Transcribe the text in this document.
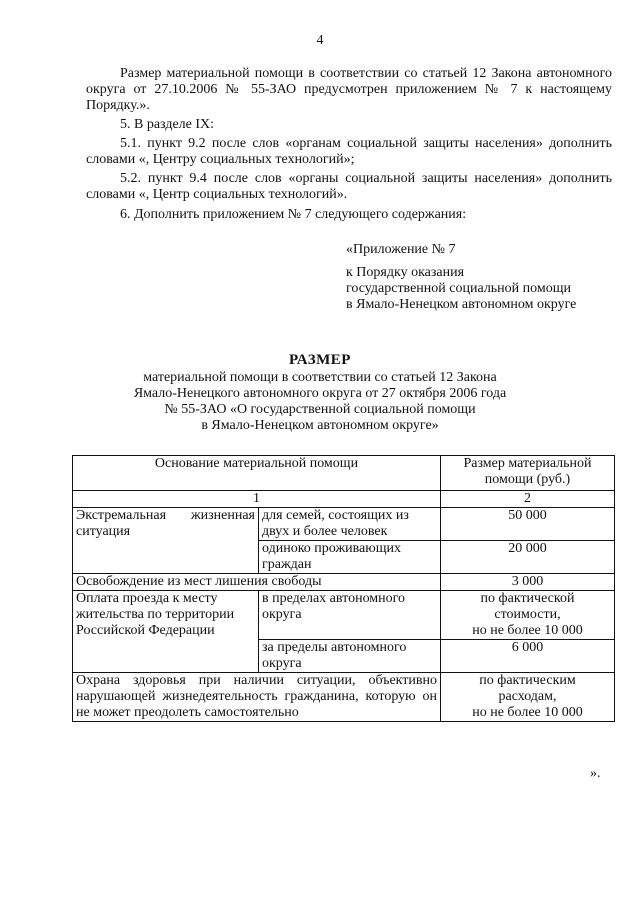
4
Размер материальной помощи в соответствии со статьей 12 Закона автономного округа от 27.10.2006 № 55-ЗАО предусмотрен приложением № 7 к настоящему Порядку.».
5. В разделе IX:
5.1. пункт 9.2 после слов «органам социальной защиты населения» дополнить словами «, Центру социальных технологий»;
5.2. пункт 9.4 после слов «органы социальной защиты населения» дополнить словами «, Центр социальных технологий».
6. Дополнить приложением № 7 следующего содержания:
«Приложение № 7
к Порядку оказания
государственной социальной помощи
в Ямало-Ненецком автономном округе
РАЗМЕР
материальной помощи в соответствии со статьей 12 Закона
Ямало-Ненецкого автономного округа от 27 октября 2006 года
№ 55-ЗАО «О государственной социальной помощи
в Ямало-Ненецком автономном округе»
Основание материальной помощи		Размер материальной помощи (руб.)
1		2
Экстремальная жизненная ситуация	для семей, состоящих из двух и более человек	50 000
	одиноко проживающих граждан	20 000
Освобождение из мест лишения свободы		3 000
Оплата проезда к месту жительства по территории Российской Федерации	в пределах автономного округа	по фактической
стоимости,
но не более 10 000

	за пределы автономного округа	6 000
Охрана здоровья при наличии ситуации, объективно нарушающей жизнедеятельность гражданина, которую он не может преодолеть самостоятельно		по фактическим
расходам,
но не более 10 000
».
